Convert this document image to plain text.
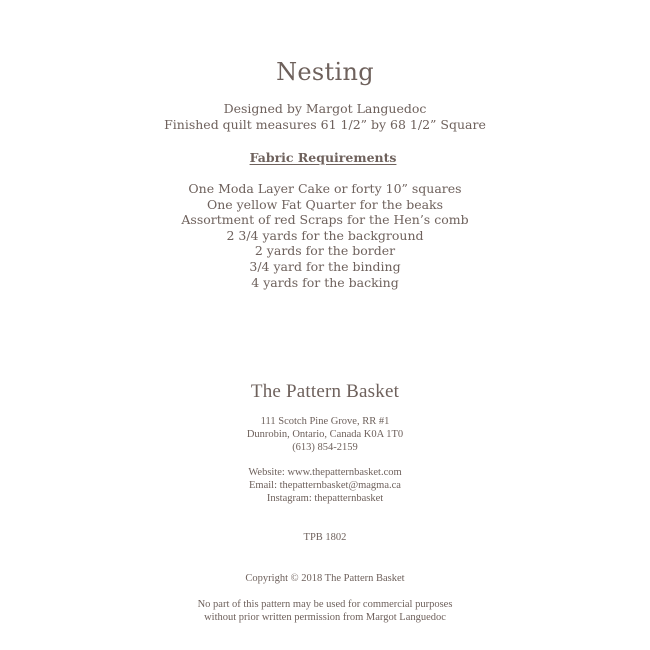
Nesting
Designed by Margot Languedoc
Finished quilt measures 61 1/2” by 68 1/2” Square
Fabric Requirements
One Moda Layer Cake or forty 10” squares
One yellow Fat Quarter for the beaks
Assortment of red Scraps for the Hen’s comb
2 3/4 yards for the background
2 yards for the border
3/4 yard for the binding
4 yards for the backing
The Pattern Basket
111 Scotch Pine Grove, RR #1
Dunrobin, Ontario, Canada K0A 1T0
(613) 854-2159
Website: www.thepatternbasket.com
Email: thepatternbasket@magma.ca
Instagram: thepatternbasket
TPB 1802
Copyright © 2018 The Pattern Basket
No part of this pattern may be used for commercial purposes
without prior written permission from Margot Languedoc
